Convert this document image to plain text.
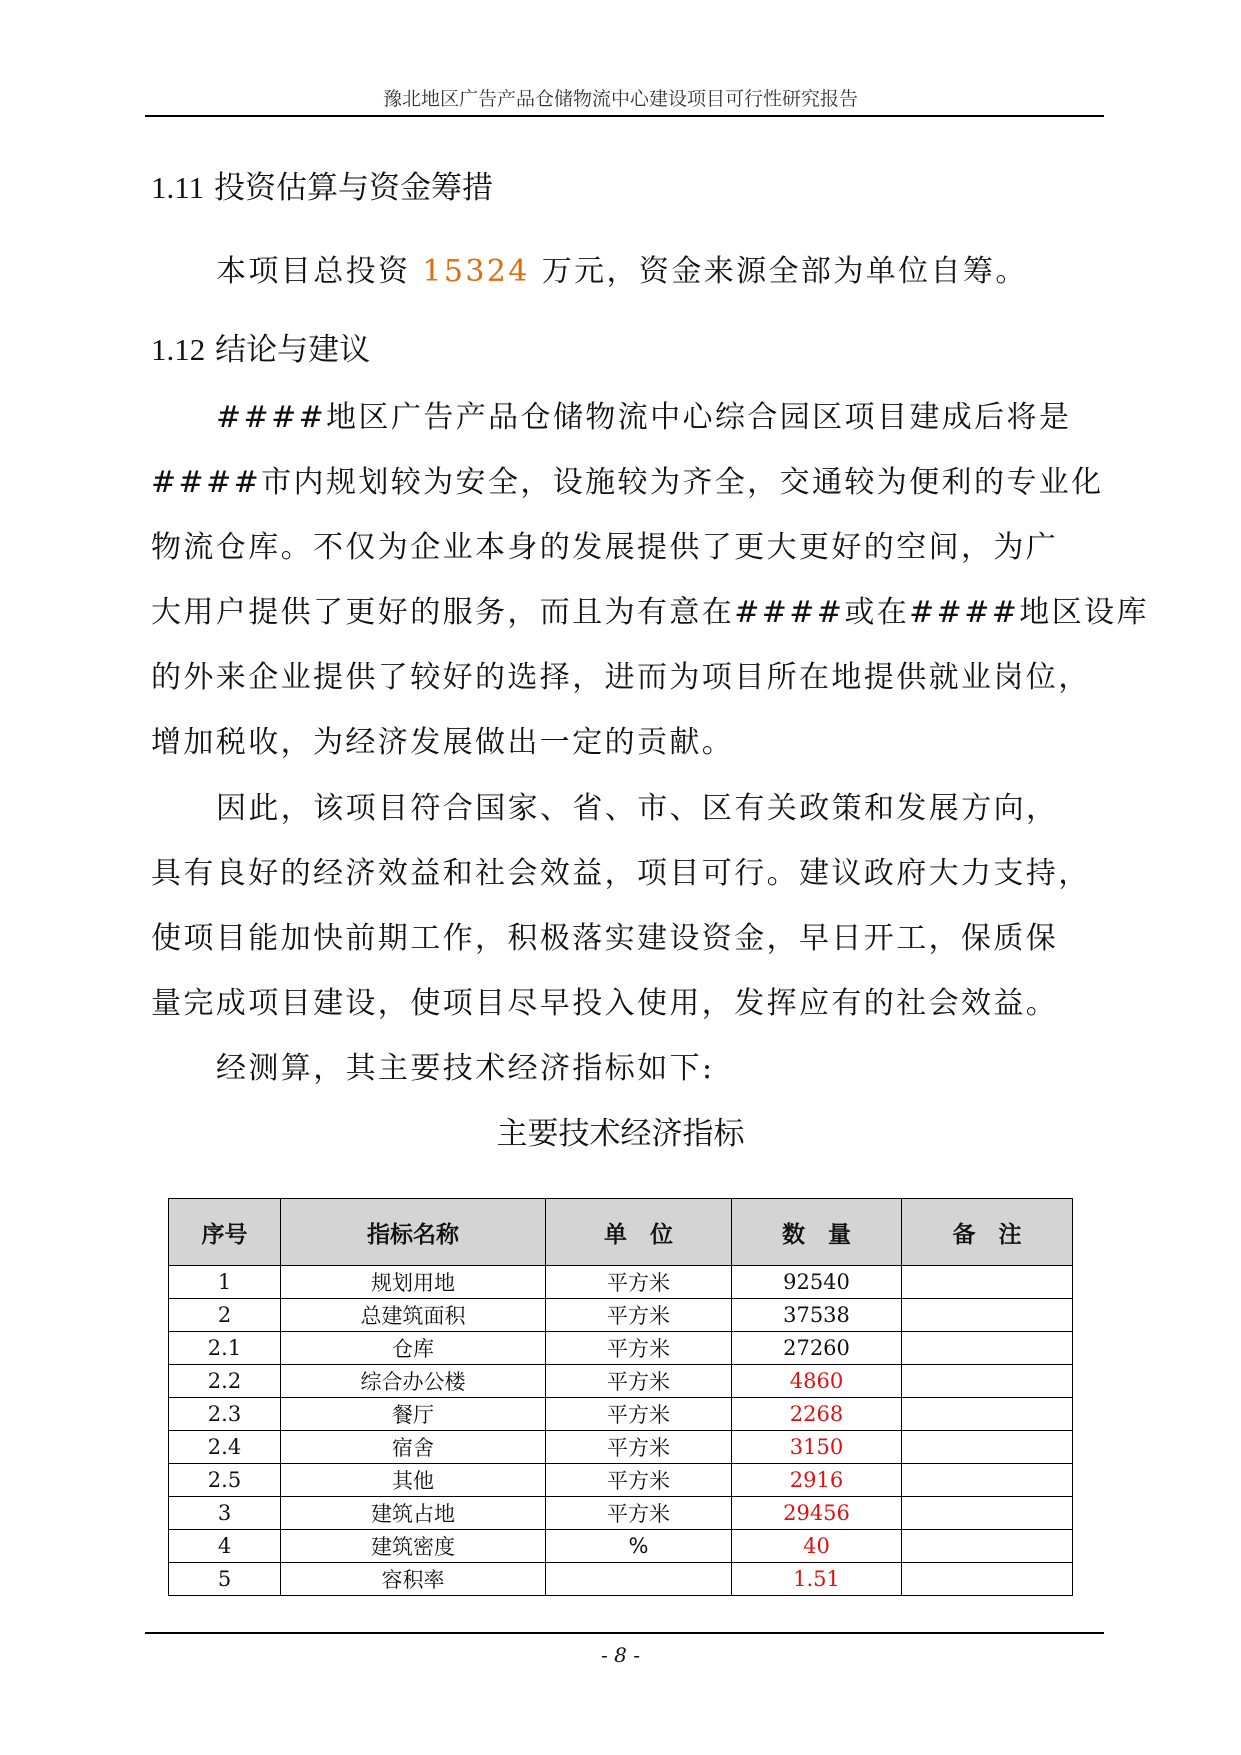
豫北地区广告产品仓储物流中心建设项目可行性研究报告
1.11 投资估算与资金筹措
本项目总投资 15324 万元，资金来源全部为单位自筹。
1.12 结论与建议
####地区广告产品仓储物流中心综合园区项目建成后将是
####市内规划较为安全，设施较为齐全，交通较为便利的专业化
物流仓库。不仅为企业本身的发展提供了更大更好的空间，为广
大用户提供了更好的服务，而且为有意在####或在####地区设库
的外来企业提供了较好的选择，进而为项目所在地提供就业岗位，
增加税收，为经济发展做出一定的贡献。
因此，该项目符合国家、省、市、区有关政策和发展方向，
具有良好的经济效益和社会效益，项目可行。建议政府大力支持，
使项目能加快前期工作，积极落实建设资金，早日开工，保质保
量完成项目建设，使项目尽早投入使用，发挥应有的社会效益。
经测算，其主要技术经济指标如下:
主要技术经济指标
序号	指标名称	单　位	数　量	备　注
1	规划用地	平方米	92540	
2	总建筑面积	平方米	37538	
2.1	仓库	平方米	27260	
2.2	综合办公楼	平方米	4860	
2.3	餐厅	平方米	2268	
2.4	宿舍	平方米	3150	
2.5	其他	平方米	2916	
3	建筑占地	平方米	29456	
4	建筑密度	%	40	
5	容积率		1.51	
- 8 -
